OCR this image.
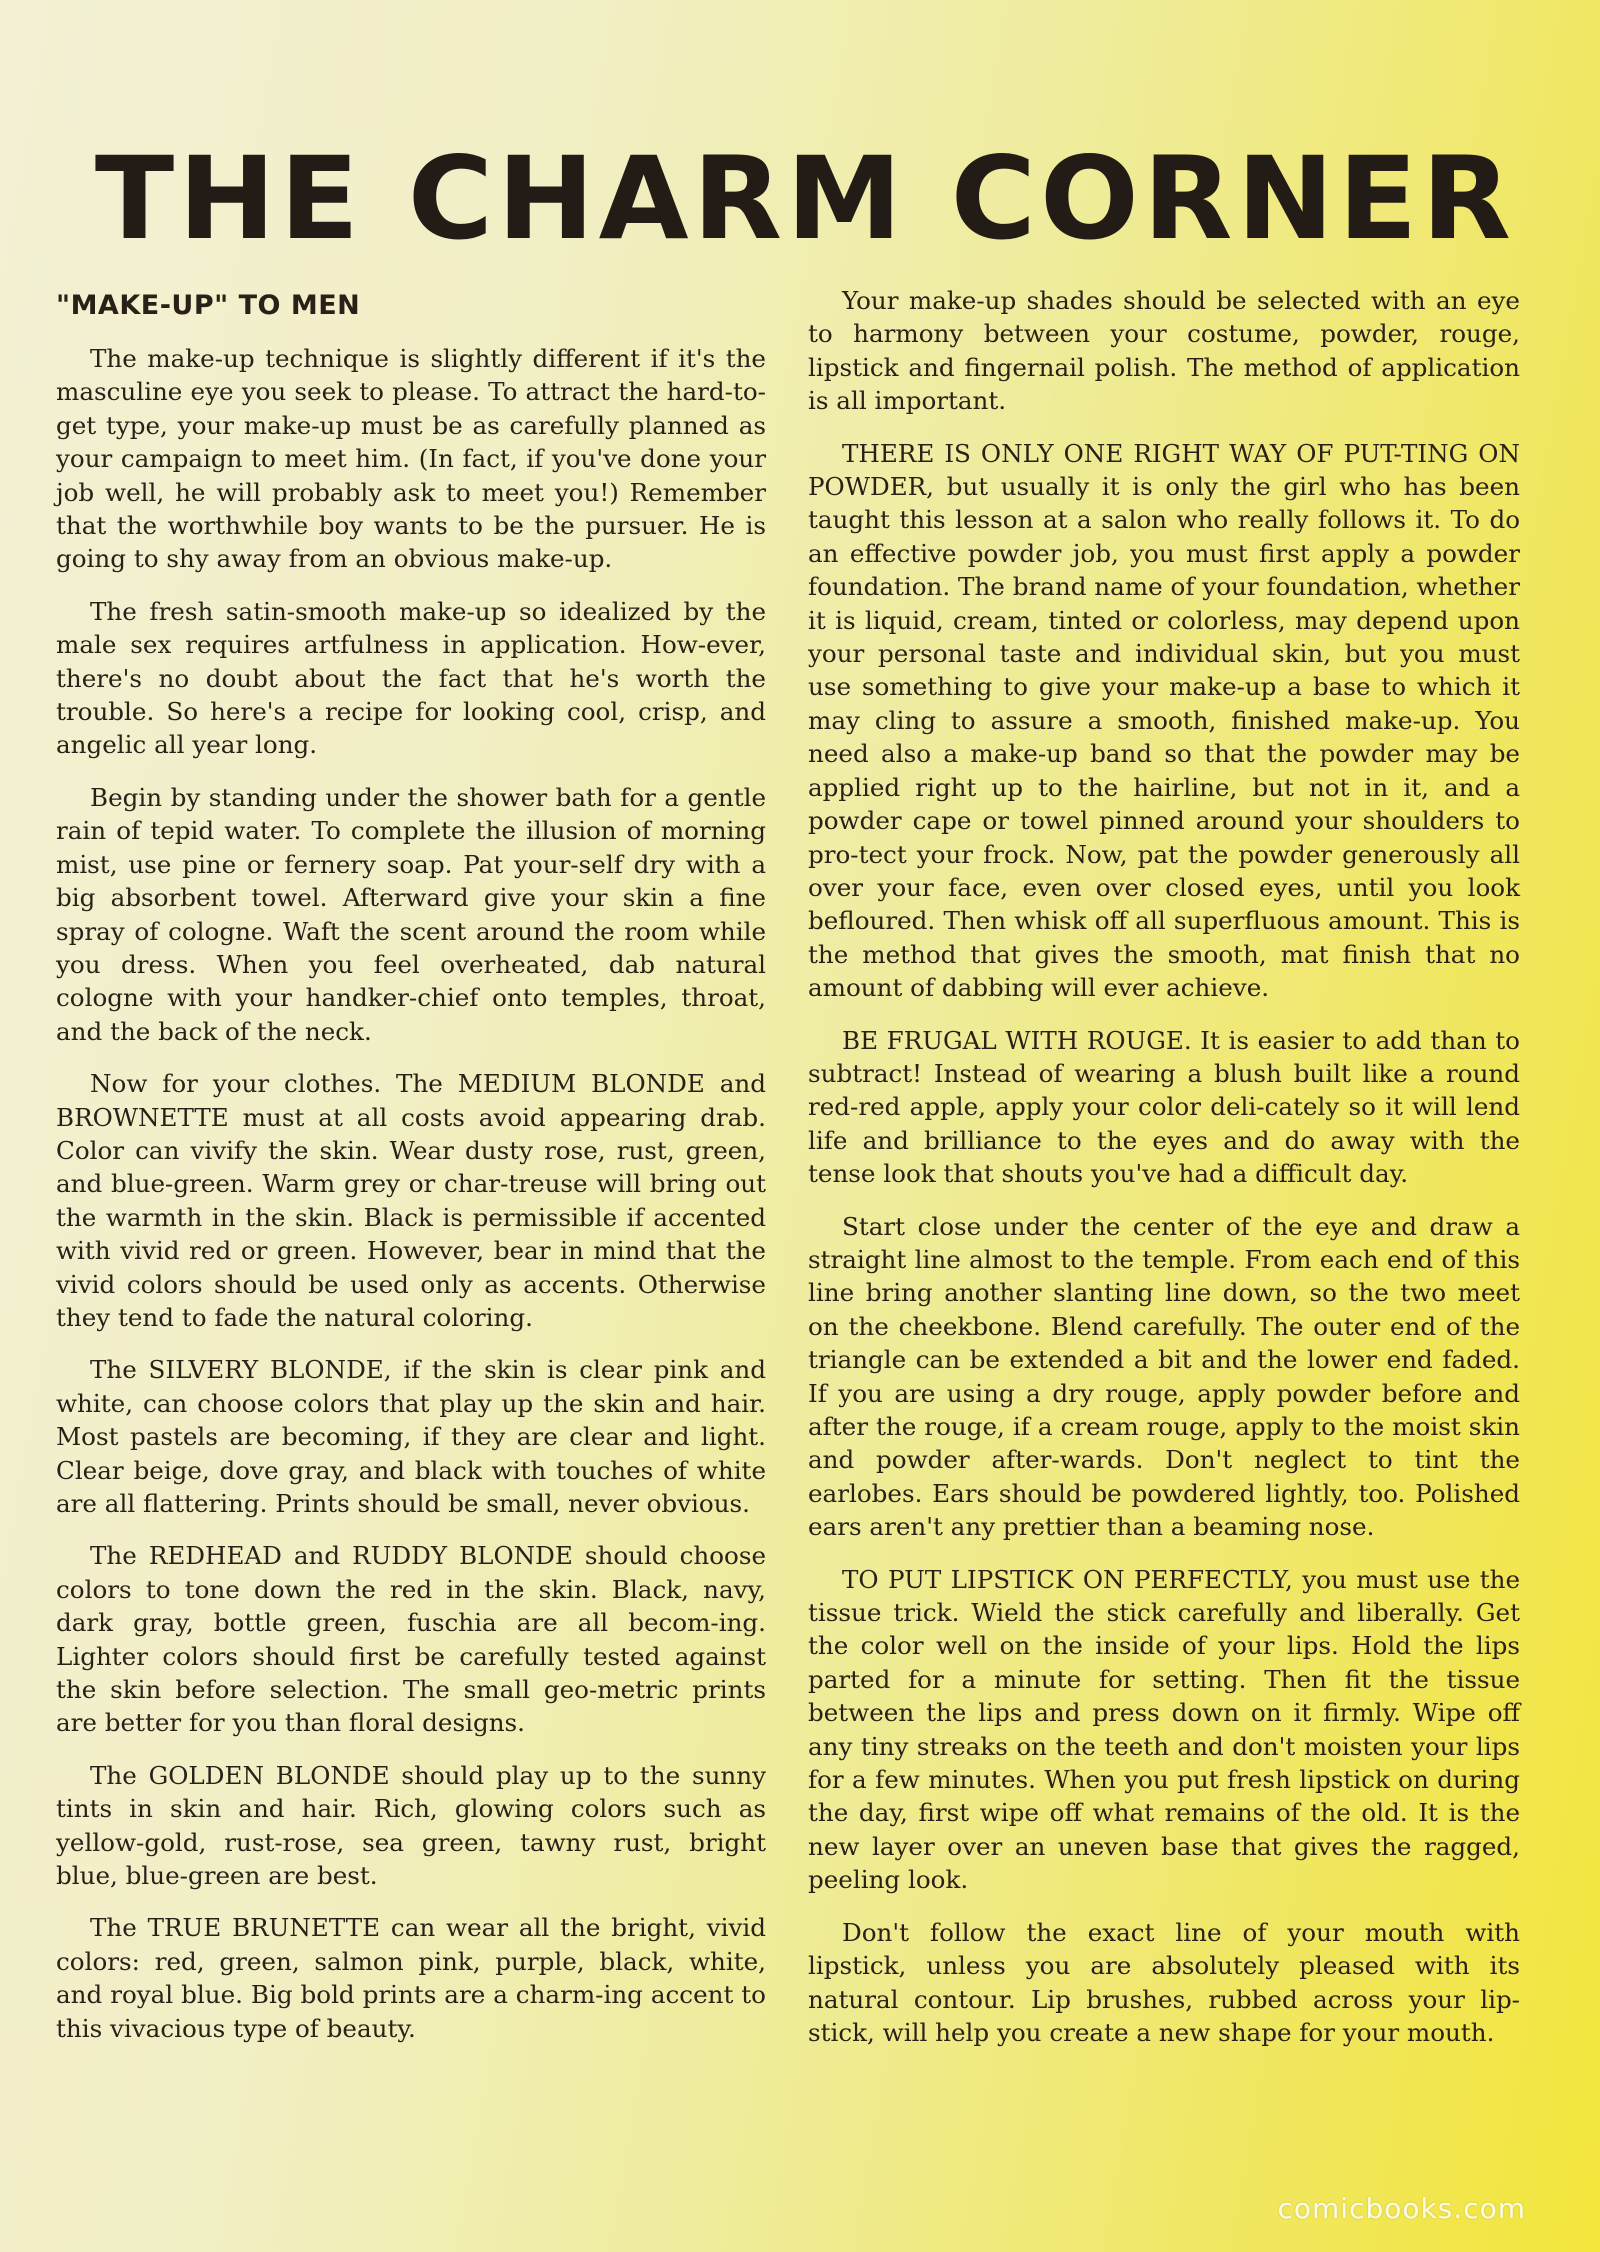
THE CHARM CORNER
"MAKE-UP" TO MEN

The make-up technique is slightly different if it's the masculine eye you seek to please. To attract the hard-to-get type, your make-up must be as carefully planned as your campaign to meet him. (In fact, if you've done your job well, he will probably ask to meet you!) Remember that the worthwhile boy wants to be the pursuer. He is going to shy away from an obvious make-up.

The fresh satin-smooth make-up so idealized by the male sex requires artfulness in application. How-ever, there's no doubt about the fact that he's worth the trouble. So here's a recipe for looking cool, crisp, and angelic all year long.

Begin by standing under the shower bath for a gentle rain of tepid water. To complete the illusion of morning mist, use pine or fernery soap. Pat your-self dry with a big absorbent towel. Afterward give your skin a fine spray of cologne. Waft the scent around the room while you dress. When you feel overheated, dab natural cologne with your handker-chief onto temples, throat, and the back of the neck.

Now for your clothes. The MEDIUM BLONDE and BROWNETTE must at all costs avoid appearing drab. Color can vivify the skin. Wear dusty rose, rust, green, and blue-green. Warm grey or char-treuse will bring out the warmth in the skin. Black is permissible if accented with vivid red or green. However, bear in mind that the vivid colors should be used only as accents. Otherwise they tend to fade the natural coloring.

The SILVERY BLONDE, if the skin is clear pink and white, can choose colors that play up the skin and hair. Most pastels are becoming, if they are clear and light. Clear beige, dove gray, and black with touches of white are all flattering. Prints should be small, never obvious.

The REDHEAD and RUDDY BLONDE should choose colors to tone down the red in the skin. Black, navy, dark gray, bottle green, fuschia are all becom-ing. Lighter colors should first be carefully tested against the skin before selection. The small geo-metric prints are better for you than floral designs.

The GOLDEN BLONDE should play up to the sunny tints in skin and hair. Rich, glowing colors such as yellow-gold, rust-rose, sea green, tawny rust, bright blue, blue-green are best.

The TRUE BRUNETTE can wear all the bright, vivid colors: red, green, salmon pink, purple, black, white, and royal blue. Big bold prints are a charm-ing accent to this vivacious type of beauty.

Your make-up shades should be selected with an eye to harmony between your costume, powder, rouge, lipstick and fingernail polish. The method of application is all important.

THERE IS ONLY ONE RIGHT WAY OF PUT-TING ON POWDER, but usually it is only the girl who has been taught this lesson at a salon who really follows it. To do an effective powder job, you must first apply a powder foundation. The brand name of your foundation, whether it is liquid, cream, tinted or colorless, may depend upon your personal taste and individual skin, but you must use something to give your make-up a base to which it may cling to assure a smooth, finished make-up. You need also a make-up band so that the powder may be applied right up to the hairline, but not in it, and a powder cape or towel pinned around your shoulders to pro-tect your frock. Now, pat the powder generously all over your face, even over closed eyes, until you look befloured. Then whisk off all superfluous amount. This is the method that gives the smooth, mat finish that no amount of dabbing will ever achieve.

BE FRUGAL WITH ROUGE. It is easier to add than to subtract! Instead of wearing a blush built like a round red-red apple, apply your color deli-cately so it will lend life and brilliance to the eyes and do away with the tense look that shouts you've had a difficult day.

Start close under the center of the eye and draw a straight line almost to the temple. From each end of this line bring another slanting line down, so the two meet on the cheekbone. Blend carefully. The outer end of the triangle can be extended a bit and the lower end faded. If you are using a dry rouge, apply powder before and after the rouge, if a cream rouge, apply to the moist skin and powder after-wards. Don't neglect to tint the earlobes. Ears should be powdered lightly, too. Polished ears aren't any prettier than a beaming nose.

TO PUT LIPSTICK ON PERFECTLY, you must use the tissue trick. Wield the stick carefully and liberally. Get the color well on the inside of your lips. Hold the lips parted for a minute for setting. Then fit the tissue between the lips and press down on it firmly. Wipe off any tiny streaks on the teeth and don't moisten your lips for a few minutes. When you put fresh lipstick on during the day, first wipe off what remains of the old. It is the new layer over an uneven base that gives the ragged, peeling look.

Don't follow the exact line of your mouth with lipstick, unless you are absolutely pleased with its natural contour. Lip brushes, rubbed across your lip-stick, will help you create a new shape for your mouth.

comicbooks.com
